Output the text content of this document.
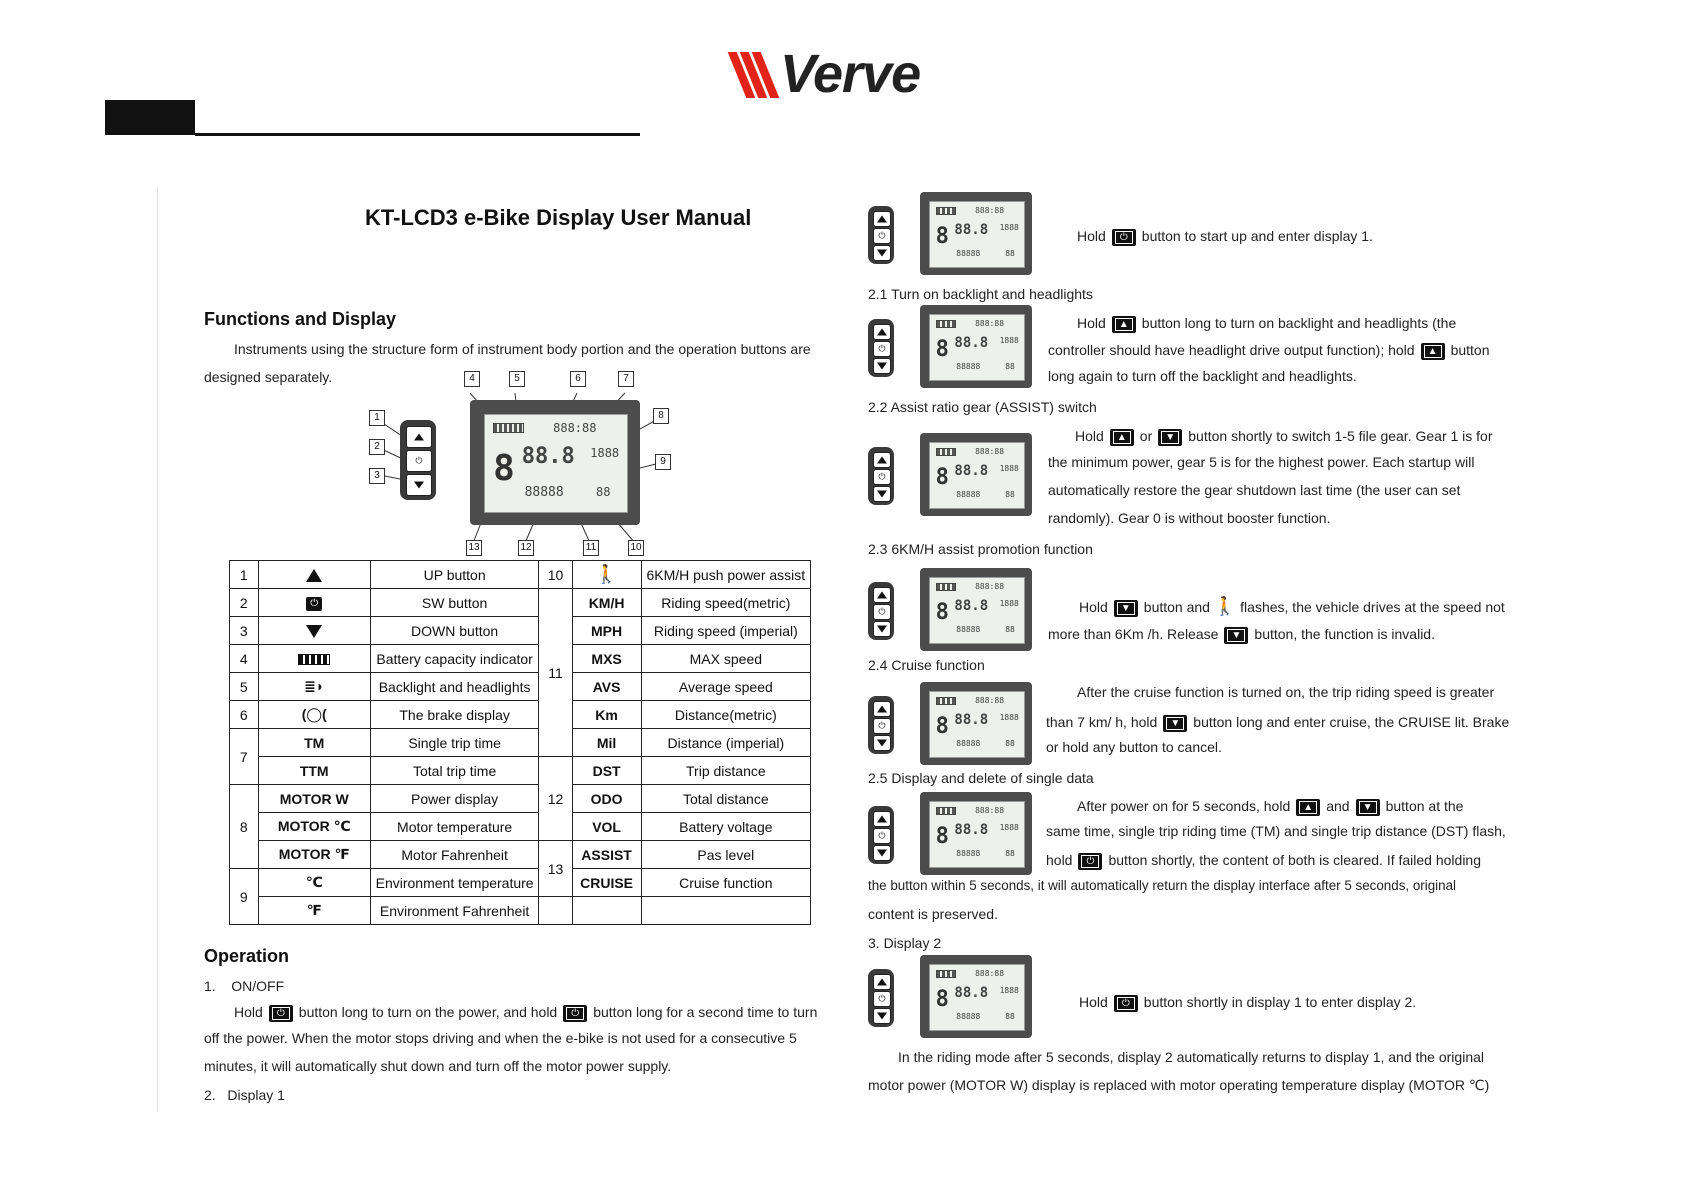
Verve
KT-LCD3 e-Bike Display User Manual
Functions and Display
Instruments using the structure form of instrument body portion and the operation buttons are
designed separately.
1
2
3
4	5	6	7
8
9
10
11
12
13
⏻
888:88
8 88.8 1888
88888	88
1		UP button	10	🚶	6KM/H push power assist
2	⏻	SW button	11	KM/H	Riding speed(metric)
3		DOWN button		MPH	Riding speed (imperial)
4		Battery capacity indicator		MXS	MAX speed
5	≣◗	Backlight and headlights		AVS	Average speed
6	(◯(	The brake display		Km	Distance(metric)
7	TM	Single trip time		Mil	Distance (imperial)
	TTM	Total trip time	12	DST	Trip distance
8	MOTOR W	Power display		ODO	Total distance
	MOTOR ℃	Motor temperature		VOL	Battery voltage
	MOTOR ℉	Motor Fahrenheit	13	ASSIST	Pas level
9	℃	Environment temperature		CRUISE	Cruise function
	℉	Environment Fahrenheit			
Operation
1. ON/OFF
Hold	⏻	button long to turn on the power, and hold	⏻	button long for a second time to turn
off the power. When the motor stops driving and when the e-bike is not used for a consecutive 5
minutes, it will automatically shut down and turn off the motor power supply.
2. Display 1
⏻
888:88
8 88.8 1888
88888	88
⏻
888:88
8 88.8 1888
88888	88
⏻
888:88
8 88.8 1888
88888	88
⏻
888:88
8 88.8 1888
88888	88
⏻
888:88
8 88.8 1888
88888	88
⏻
888:88
8 88.8 1888
88888	88
⏻
888:88
8 88.8 1888
88888	88
Hold	⏻	button to start up and enter display 1.
2.1 Turn on backlight and headlights
Hold	▲ button long to turn on backlight and headlights (the
controller should have headlight drive output function); hold	▲ button
long again to turn off the backlight and headlights.
2.2 Assist ratio gear (ASSIST) switch
Hold	▲ or	▼ button shortly to switch 1-5 file gear. Gear 1 is for
the minimum power, gear 5 is for the highest power. Each startup will
automatically restore the gear shutdown last time (the user can set
randomly). Gear 0 is without booster function.
2.3 6KM/H assist promotion function
Hold	▼ button and 🚶 flashes, the vehicle drives at the speed not
more than 6Km /h. Release	▼ button, the function is invalid.
2.4 Cruise function
After the cruise function is turned on, the trip riding speed is greater
than 7 km/ h, hold	▼ button long and enter cruise, the CRUISE lit. Brake
or hold any button to cancel.
2.5 Display and delete of single data
After power on for 5 seconds, hold	▲ and	▼ button at the
same time, single trip riding time (TM) and single trip distance (DST) flash,
hold	⏻	button shortly, the content of both is cleared. If failed holding
the button within 5 seconds, it will automatically return the display interface after 5 seconds, original
content is preserved.
3. Display 2
Hold	⏻	button shortly in display 1 to enter display 2.
In the riding mode after 5 seconds, display 2 automatically returns to display 1, and the original
motor power (MOTOR W) display is replaced with motor operating temperature display (MOTOR ℃)
